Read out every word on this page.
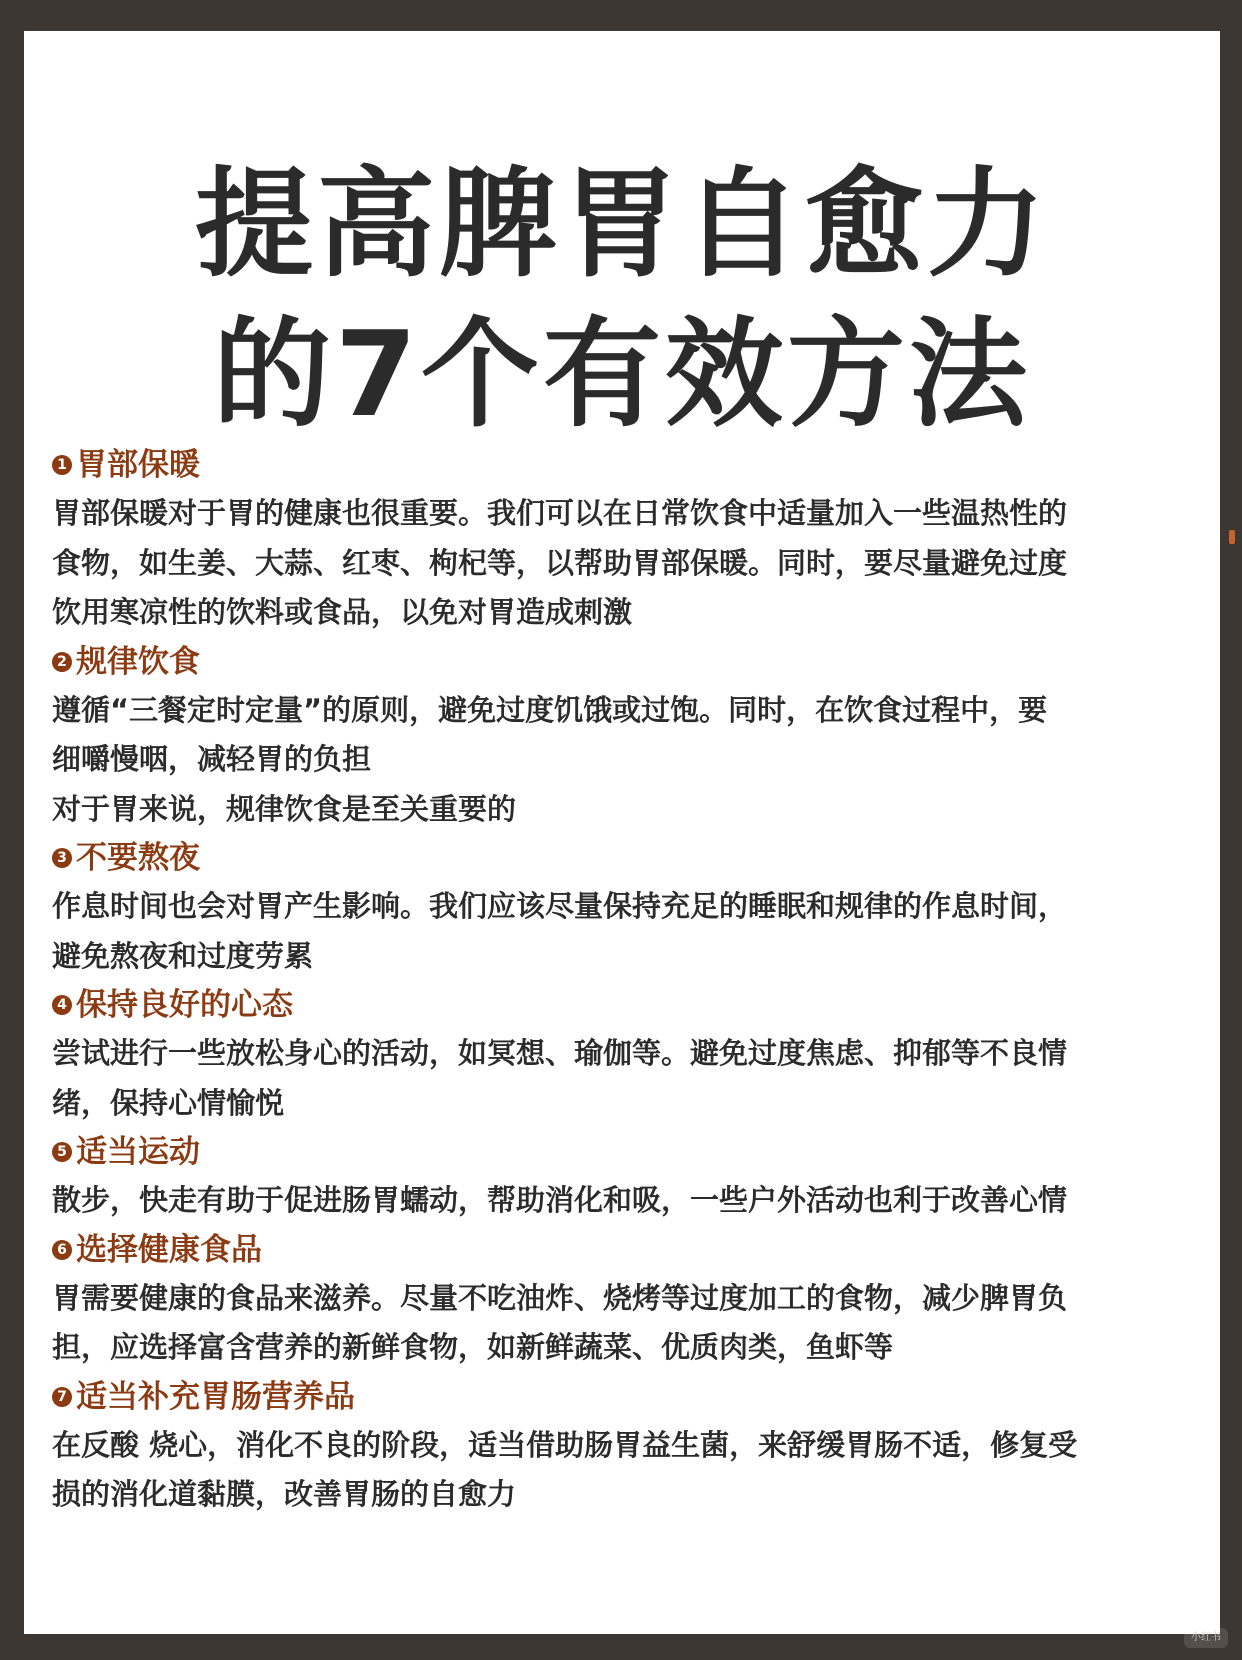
提高脾胃自愈力
的7个有效方法
1 胃部保暖

胃部保暖对于胃的健康也很重要。我们可以在日常饮食中适量加入一些温热性的
食物，如生姜、大蒜、红枣、枸杞等，以帮助胃部保暖。同时，要尽量避免过度
饮用寒凉性的饮料或食品，以免对胃造成刺激

2 规律饮食

遵循“三餐定时定量”的原则，避免过度饥饿或过饱。同时，在饮食过程中，要
细嚼慢咽，减轻胃的负担
对于胃来说，规律饮食是至关重要的

3 不要熬夜

作息时间也会对胃产生影响。我们应该尽量保持充足的睡眠和规律的作息时间，
避免熬夜和过度劳累

4 保持良好的心态

尝试进行一些放松身心的活动，如冥想、瑜伽等。避免过度焦虑、抑郁等不良情
绪，保持心情愉悦

5 适当运动

散步，快走有助于促进肠胃蠕动，帮助消化和吸，一些户外活动也利于改善心情

6 选择健康食品

胃需要健康的食品来滋养。尽量不吃油炸、烧烤等过度加工的食物，减少脾胃负
担，应选择富含营养的新鲜食物，如新鲜蔬菜、优质肉类，鱼虾等

7 适当补充胃肠营养品

在反酸 烧心，消化不良的阶段，适当借助肠胃益生菌，来舒缓胃肠不适，修复受
损的消化道黏膜，改善胃肠的自愈力

小红书
